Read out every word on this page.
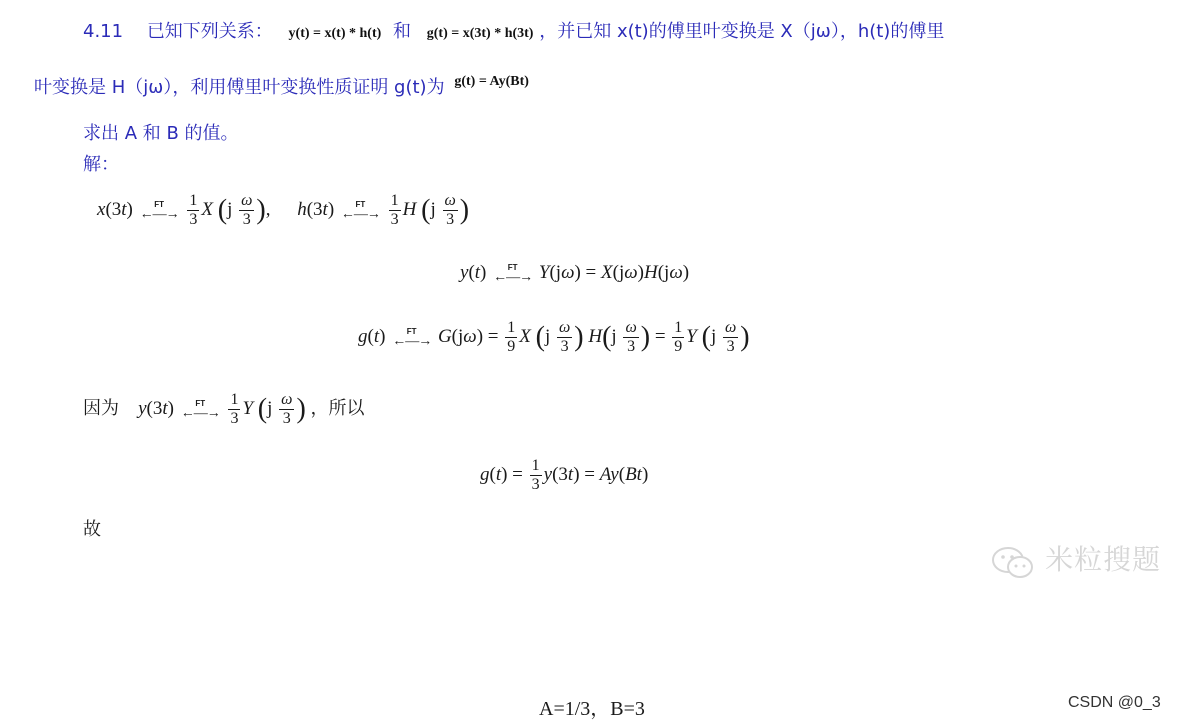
4.11 已知下列关系： y(t) = x(t) * h(t) 和 g(t) = x(3t) * h(3t) ，并已知 x(t)的傅里叶变换是 X（jω），h(t)的傅里
叶变换是 H（jω），利用傅里叶变换性质证明 g(t)为 $^{g(t) = Ay(Bt)}$
求出 A 和 B 的值。
解：
x(3t)	FT
←—→
$\frac{1}{3}$ X ($j \frac{\omega}{3}$ ), h(3t)	FT
←—→
$\frac{1}{3}$ H ($j \frac{\omega}{3}$ )
y(t)	FT
←—→ Y(jω) = X(jω)H(jω)
g(t)	FT
←—→ $G(j\omega) = \frac{1}{9}$ X ($j \frac{\omega}{3}$ ) $H(j \frac{\omega}{3}$ ) = $\frac{1}{9}$ Y ($j \frac{\omega}{3}$ )
因为 y(3t)	FT
←—→
$\frac{1}{3}$ Y ($j \frac{\omega}{3}$ ) ，所以
$g(t) = \frac{1}{3} y(3t) = Ay(Bt)$
故
米粒搜题
A=1/3，B=3	CSDN @0_3
